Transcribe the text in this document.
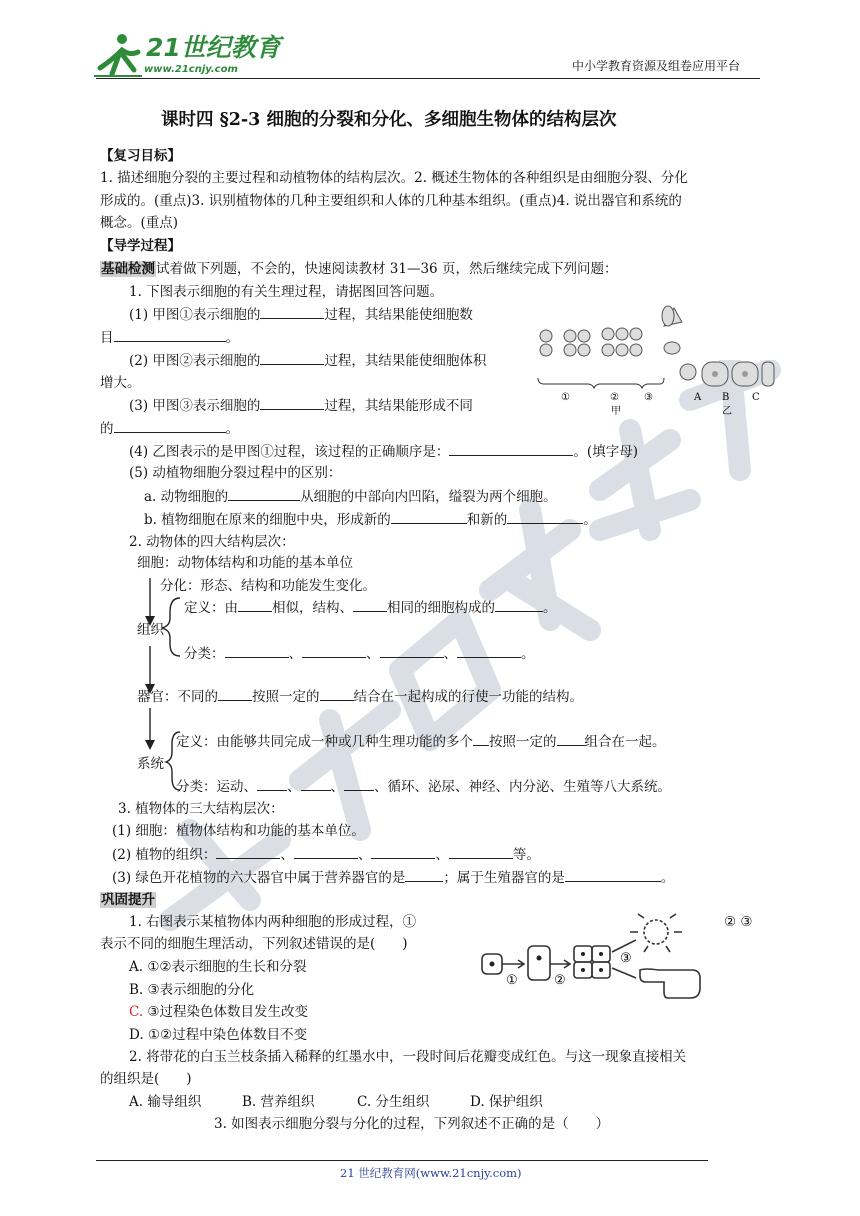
21世纪教育
www.21cnjy.com	中小学教育资源及组卷应用平台
课时四 §2-3 细胞的分裂和分化、多细胞生物体的结构层次
【复习目标】
1. 描述细胞分裂的主要过程和动植物体的结构层次。2. 概述生物体的各种组织是由细胞分裂、分化
形成的。(重点)3. 识别植物体的几种主要组织和人体的几种基本组织。(重点)4. 说出器官和系统的
概念。(重点)
【导学过程】
基础检测试着做下列题，不会的，快速阅读教材 31—36 页，然后继续完成下列问题：
1. 下图表示细胞的有关生理过程，请据图回答问题。
(1) 甲图①表示细胞的	过程，其结果能使细胞数
目	。
(2) 甲图②表示细胞的	过程，其结果能使细胞体积
增大。
(3) 甲图③表示细胞的	过程，其结果能形成不同
的	。
(4) 乙图表示的是甲图①过程，该过程的正确顺序是：	。(填字母)
(5) 动植物细胞分裂过程中的区别：
a. 动物细胞的	从细胞的中部向内凹陷，缢裂为两个细胞。
b. 植物细胞在原来的细胞中央，形成新的	和新的	。
①	②	③
甲
A B C
乙
2. 动物体的四大结构层次：
细胞：动物体结构和功能的基本单位
分化：形态、结构和功能发生变化。
定义：由	相似，结构、	相同的细胞构成的	。
组织
分类：	、	、	、	。
器官：不同的	按照一定的	结合在一起构成的行使一功能的结构。
定义：由能够共同完成一种或几种生理功能的多个 按照一定的 组合在一起。
系统
分类：运动、 、 、 、循环、泌尿、神经、内分泌、生殖等八大系统。
3. 植物体的三大结构层次：
(1) 细胞：植物体结构和功能的基本单位。
(2) 植物的组织：	、	、	、	等。
(3) 绿色开花植物的六大器官中属于营养器官的是	；属于生殖器官的是	。
巩固提升
1. 右图表示某植物体内两种细胞的形成过程，①	② ③
表示不同的细胞生理活动，下列叙述错误的是(　　)
A. ①②表示细胞的生长和分裂
B. ③表示细胞的分化
C. ③过程染色体数目发生改变
D. ①②过程中染色体数目不变
①	②
③
2. 将带花的白玉兰枝条插入稀释的红墨水中，一段时间后花瓣变成红色。与这一现象直接相关
的组织是(　　)
A. 输导组织	B. 营养组织	C. 分生组织	D. 保护组织
3. 如图表示细胞分裂与分化的过程，下列叙述不正确的是（　　）
21 世纪教育网(www.21cnjy.com)
